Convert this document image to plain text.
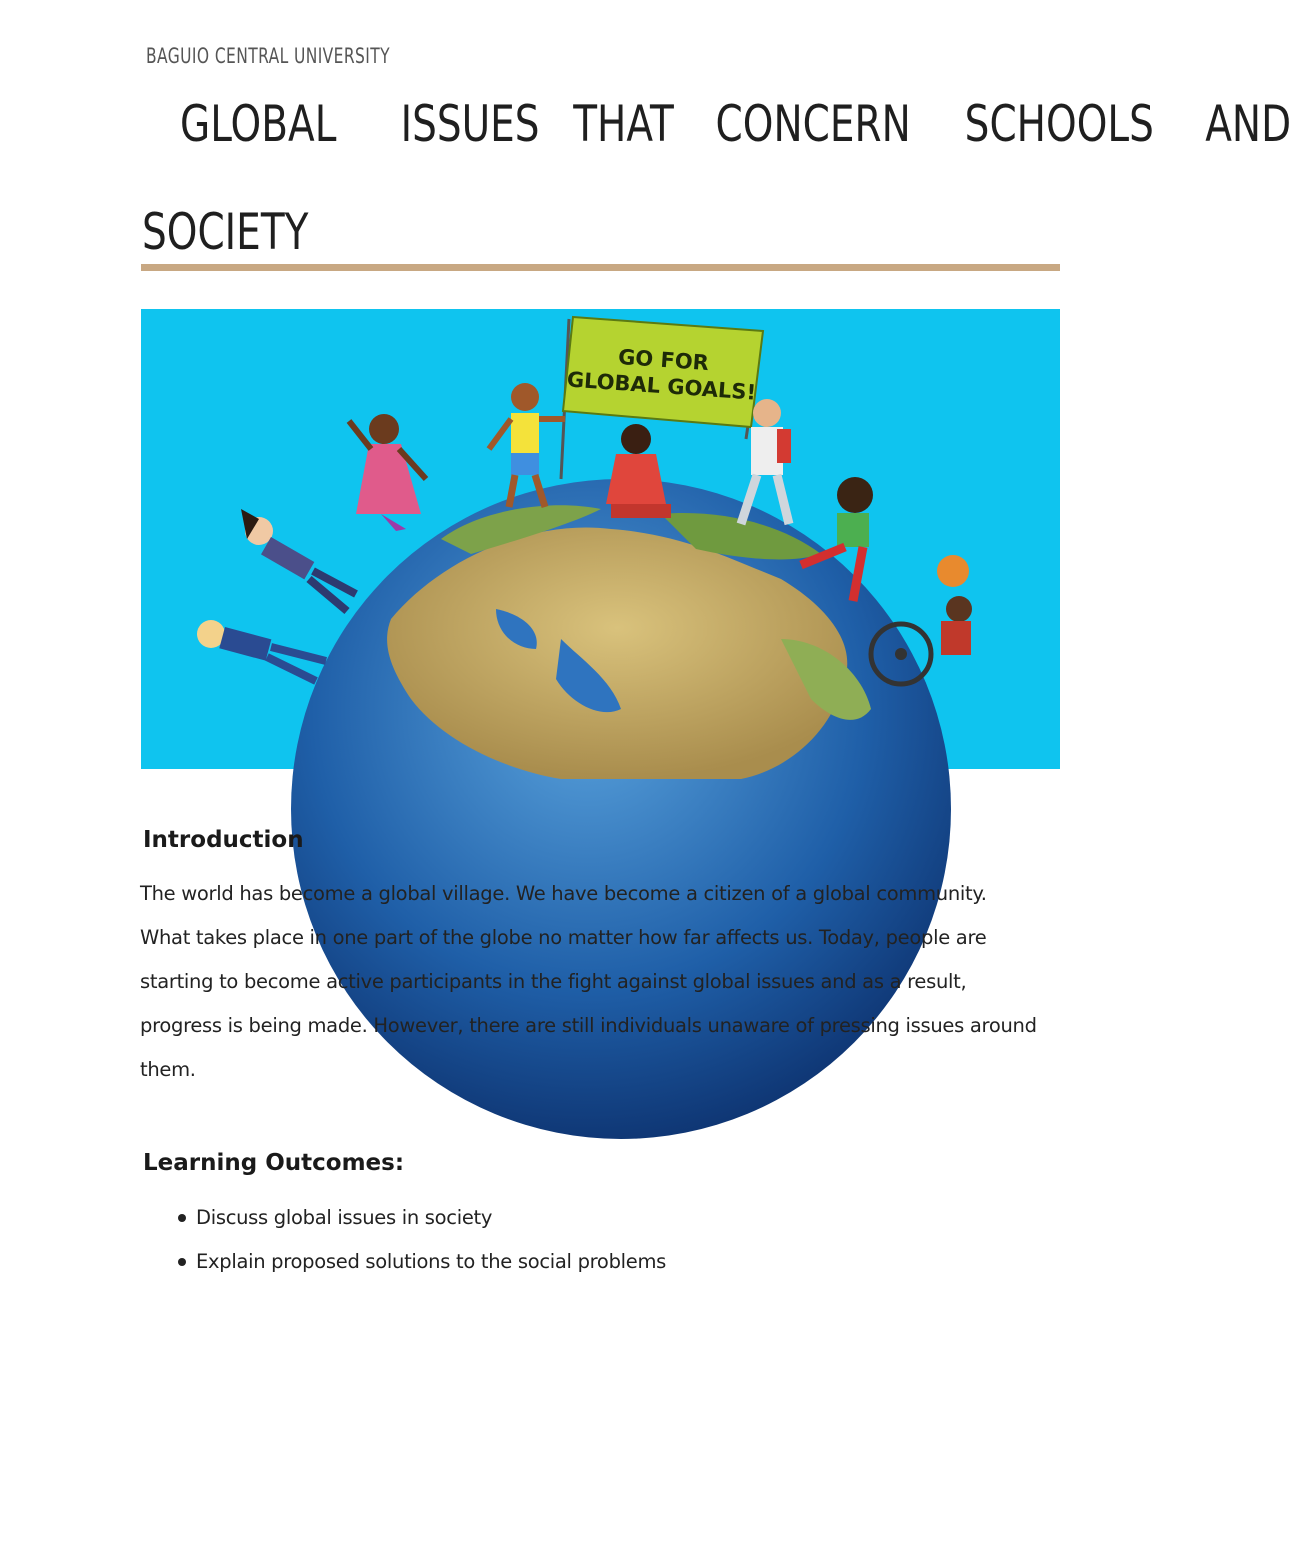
BAGUIO CENTRAL UNIVERSITY
GLOBAL ISSUES THAT CONCERN SCHOOLS AND
SOCIETY
GO FOR
GLOBAL GOALS!
Introduction

The world has become a global village. We have become a citizen of a global community. What takes place in one part of the globe no matter how far affects us. Today, people are starting to become active participants in the fight against global issues and as a result, progress is being made. However, there are still individuals unaware of pressing issues around them.

Learning Outcomes:
Discuss global issues in society
Explain proposed solutions to the social problems
